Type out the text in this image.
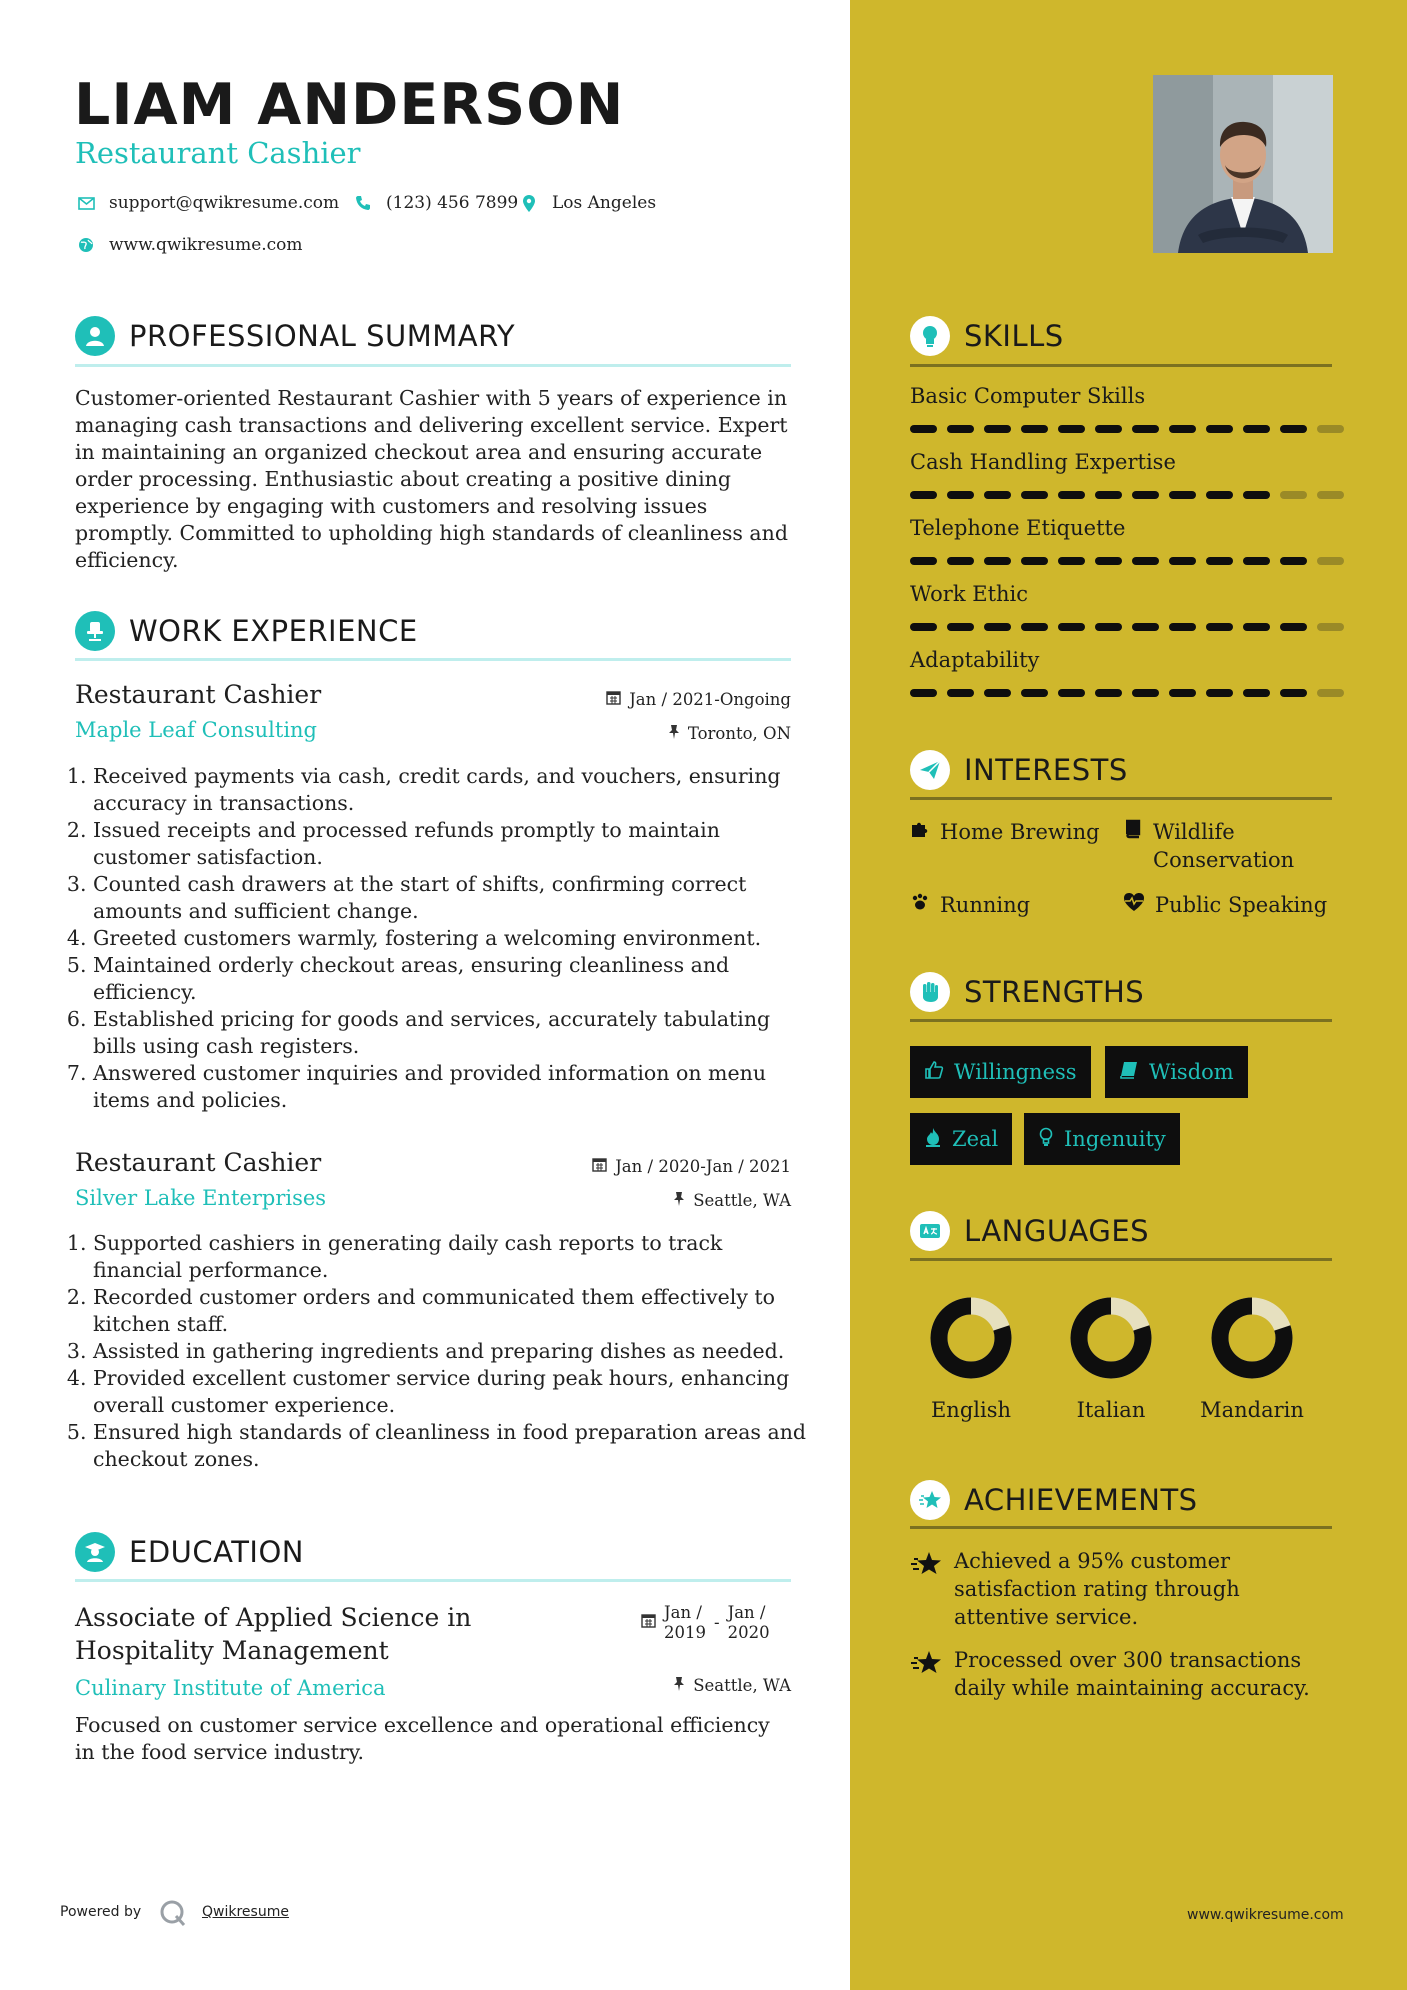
LIAM ANDERSON
Restaurant Cashier
support@qwikresume.com	(123) 456 7899 Los Angeles
www.qwikresume.com
PROFESSIONAL SUMMARY
Customer-oriented Restaurant Cashier with 5 years of experience in managing cash transactions and delivering excellent service. Expert in maintaining an organized checkout area and ensuring accurate order processing. Enthusiastic about creating a positive dining experience by engaging with customers and resolving issues promptly. Committed to upholding high standards of cleanliness and efficiency.
WORK EXPERIENCE
Restaurant Cashier
Maple Leaf Consulting
Jan / 2021-Ongoing
Toronto, ON
1. Received payments via cash, credit cards, and vouchers, ensuring accuracy in transactions.
2. Issued receipts and processed refunds promptly to maintain customer satisfaction.
3. Counted cash drawers at the start of shifts, confirming correct amounts and sufficient change.
4. Greeted customers warmly, fostering a welcoming environment.
5. Maintained orderly checkout areas, ensuring cleanliness and efficiency.
6. Established pricing for goods and services, accurately tabulating bills using cash registers.
7. Answered customer inquiries and provided information on menu items and policies.
Restaurant Cashier
Silver Lake Enterprises
Jan / 2020-Jan / 2021
Seattle, WA
1. Supported cashiers in generating daily cash reports to track financial performance.
2. Recorded customer orders and communicated them effectively to kitchen staff.
3. Assisted in gathering ingredients and preparing dishes as needed.
4. Provided excellent customer service during peak hours, enhancing overall customer experience.
5. Ensured high standards of cleanliness in food preparation areas and checkout zones.
EDUCATION
Associate of Applied Science in
Hospitality Management
Culinary Institute of America
Jan /
2019
-
Jan /
2020
Seattle, WA
Focused on customer service excellence and operational efficiency in the food service industry.
Powered by	Qwikresume	www.qwikresume.com
SKILLS
Basic Computer Skills
Cash Handling Expertise
Telephone Etiquette
Work Ethic
Adaptability
INTERESTS
Home Brewing	Wildlife Conservation
Running	Public Speaking
STRENGTHS
Willingness	Wisdom
Zeal	Ingenuity
LANGUAGES
English	Italian	Mandarin
ACHIEVEMENTS
Achieved a 95% customer satisfaction rating through attentive service.
Processed over 300 transactions daily while maintaining accuracy.
